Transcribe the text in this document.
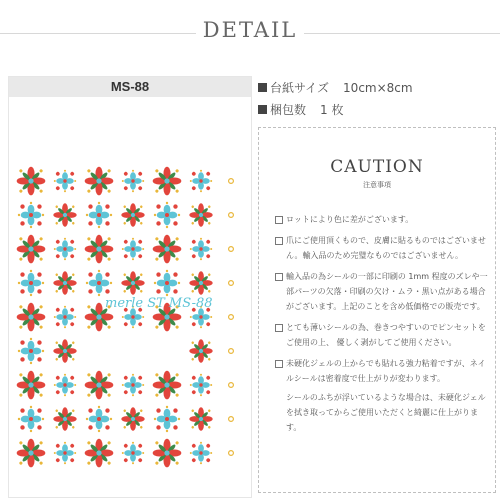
DETAIL
MS-88
merle ST MS-88
台紙サイズ 10cm×8cm
梱包数 1 枚
CAUTION
注意事項
ロットにより色に差がございます。
爪にご使用頂くもので、皮膚に貼るものではございません。輸入品のため完璧なものではございません。
輸入品の為シールの一部に印刷の 1mm 程度のズレや一部パーツの欠落・印刷の欠け・ムラ・黒い点がある場合がございます。上記のことを含め低価格での販売です。
とても薄いシールの為、巻きつやすいのでピンセットをご使用の上、 優しく剥がしてご使用ください。
未硬化ジェルの上からでも貼れる強力粘着ですが、ネイルシールは密着度で仕上がりが変わります。
シールのふちが浮いているような場合は、未硬化ジェルを拭き取ってからご使用いただくと綺麗に仕上がります。
